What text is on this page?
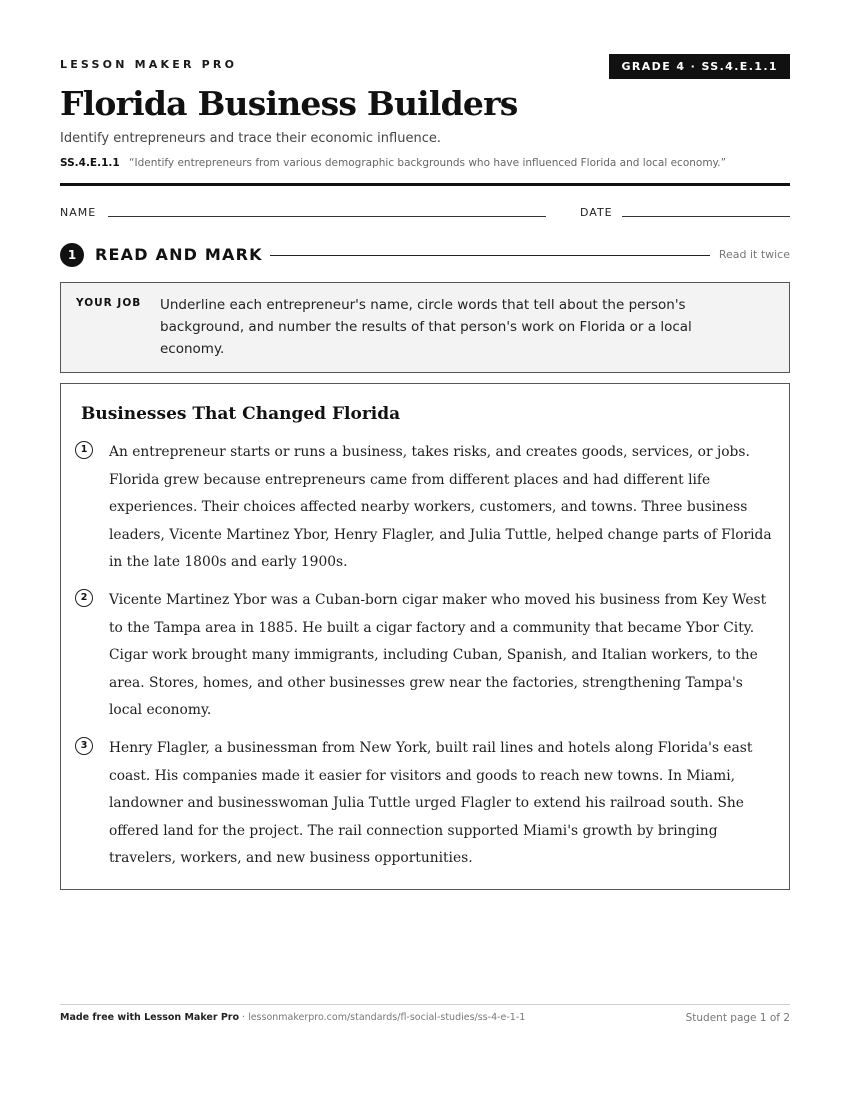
LESSON MAKER PRO	GRADE 4 · SS.4.E.1.1
Florida Business Builders
Identify entrepreneurs and trace their economic influence.
SS.4.E.1.1 “Identify entrepreneurs from various demographic backgrounds who have influenced Florida and local economy.”
NAME	DATE
1	READ AND MARK	Read it twice
YOUR JOB Underline each entrepreneur's name, circle words that tell about the person's background, and number the results of that person's work on Florida or a local economy.
Businesses That Changed Florida
1	An entrepreneur starts or runs a business, takes risks, and creates goods, services, or jobs. Florida grew because entrepreneurs came from different places and had different life experiences. Their choices affected nearby workers, customers, and towns. Three business leaders, Vicente Martinez Ybor, Henry Flagler, and Julia Tuttle, helped change parts of Florida in the late 1800s and early 1900s.
2	Vicente Martinez Ybor was a Cuban-born cigar maker who moved his business from Key West to the Tampa area in 1885. He built a cigar factory and a community that became Ybor City. Cigar work brought many immigrants, including Cuban, Spanish, and Italian workers, to the area. Stores, homes, and other businesses grew near the factories, strengthening Tampa's local economy.
3	Henry Flagler, a businessman from New York, built rail lines and hotels along Florida's east coast. His companies made it easier for visitors and goods to reach new towns. In Miami, landowner and businesswoman Julia Tuttle urged Flagler to extend his railroad south. She offered land for the project. The rail connection supported Miami's growth by bringing travelers, workers, and new business opportunities.
Made free with Lesson Maker Pro · lessonmakerpro.com/standards/fl-social-studies/ss-4-e-1-1	Student page 1 of 2
